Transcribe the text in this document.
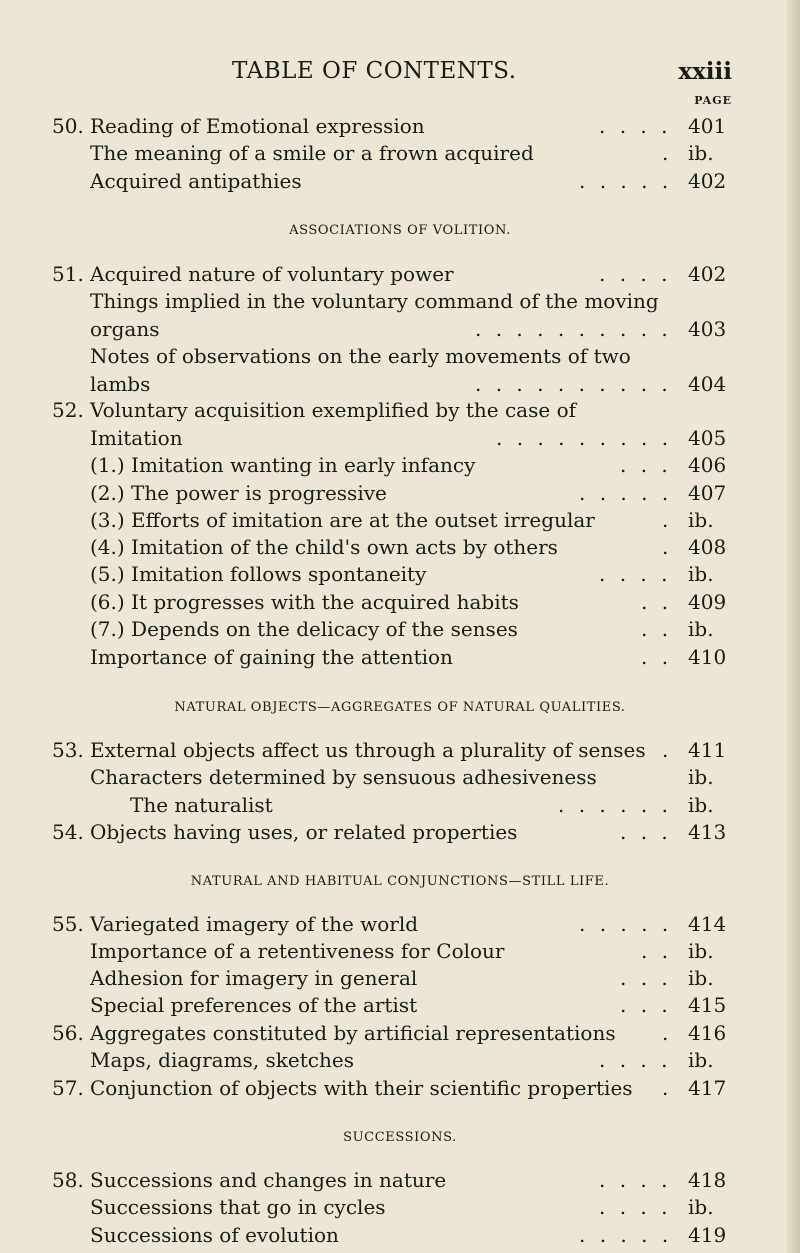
TABLE OF CONTENTS.	xxiii
PAGE
50. Reading of Emotional expression	. . . . 401
The meaning of a smile or a frown acquired	. ib.
Acquired antipathies	. . . . . 402
ASSOCIATIONS OF VOLITION.
51. Acquired nature of voluntary power	. . . . 402
Things implied in the voluntary command of the moving
organs	. . . . . . . . . . 403
Notes of observations on the early movements of two
lambs	. . . . . . . . . . 404
52. Voluntary acquisition exemplified by the case of
Imitation	. . . . . . . . . 405
(1.) Imitation wanting in early infancy	. . . 406
(2.) The power is progressive	. . . . . 407
(3.) Efforts of imitation are at the outset irregular	. ib.
(4.) Imitation of the child's own acts by others	. 408
(5.) Imitation follows spontaneity	. . . . ib.
(6.) It progresses with the acquired habits	. . 409
(7.) Depends on the delicacy of the senses	. . ib.
Importance of gaining the attention	. . 410
NATURAL OBJECTS—AGGREGATES OF NATURAL QUALITIES.
53. External objects affect us through a plurality of senses . 411
Characters determined by sensuous adhesiveness	ib.
The naturalist	. . . . . . ib.
54. Objects having uses, or related properties	. . . 413
NATURAL AND HABITUAL CONJUNCTIONS—STILL LIFE.
55. Variegated imagery of the world	. . . . . 414
Importance of a retentiveness for Colour	. . ib.
Adhesion for imagery in general	. . . ib.
Special preferences of the artist	. . . 415
56. Aggregates constituted by artificial representations . 416
Maps, diagrams, sketches	. . . . ib.
57. Conjunction of objects with their scientific properties . 417
SUCCESSIONS.
58. Successions and changes in nature	. . . . 418
Successions that go in cycles	. . . . ib.
Successions of evolution	. . . . . 419
